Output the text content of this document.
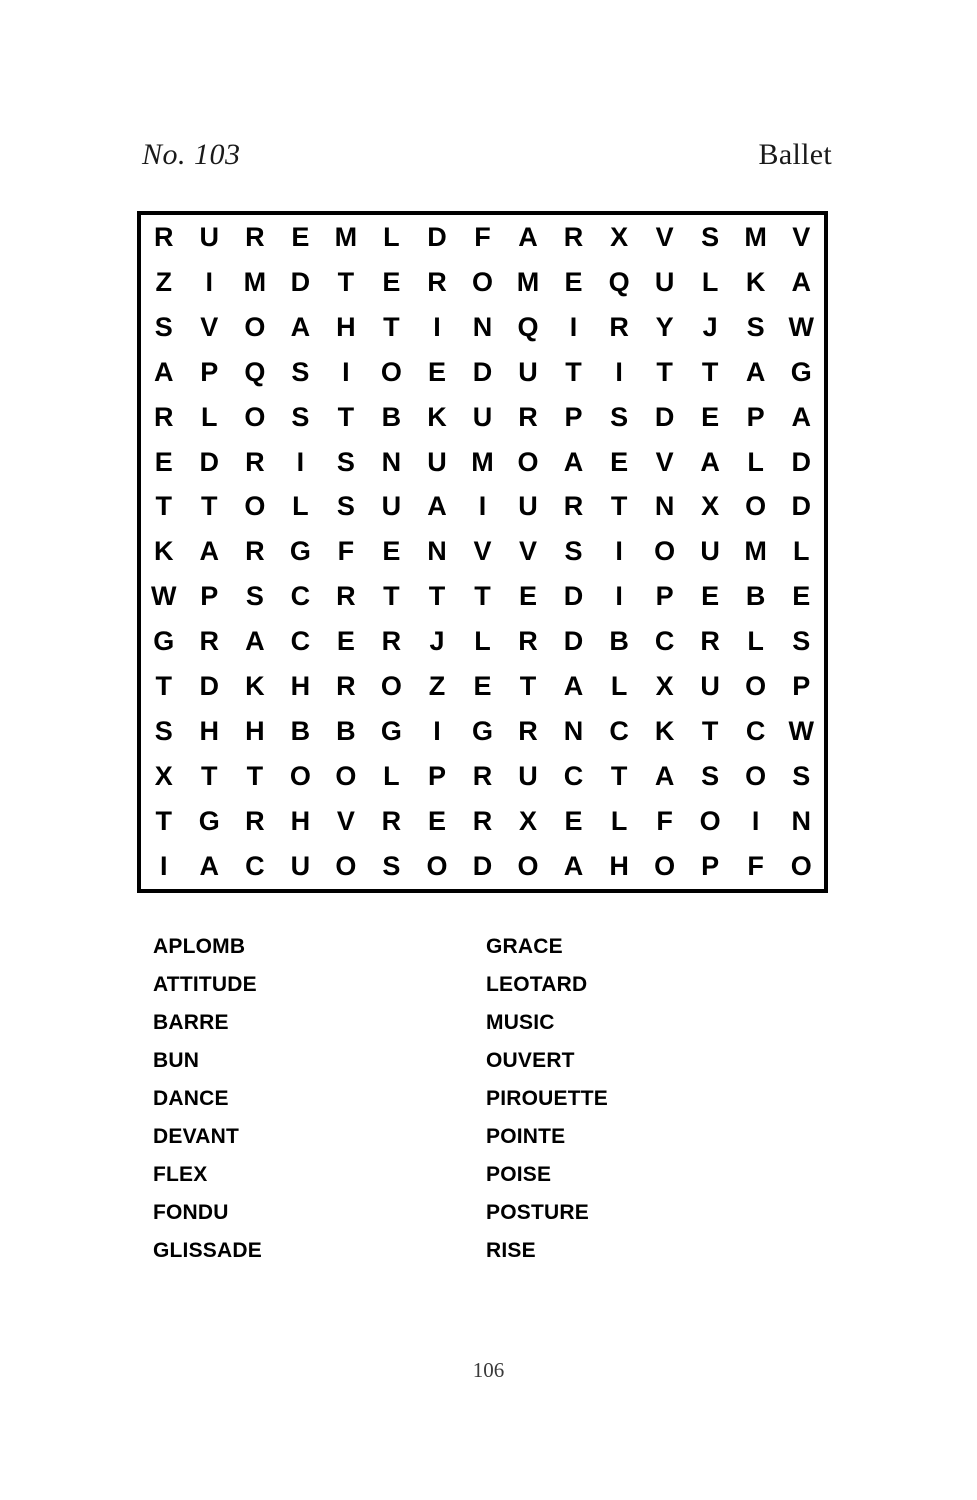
No. 103	Ballet
R	U	R	E	M	L	D	F	A	R	X	V	S	M	V
Z	I	M	D	T	E	R	O	M	E	Q	U	L	K	A
S	V	O	A	H	T	I	N	Q	I	R	Y	J	S	W
A	P	Q	S	I	O	E	D	U	T	I	T	T	A	G
R	L	O	S	T	B	K	U	R	P	S	D	E	P	A
E	D	R	I	S	N	U	M	O	A	E	V	A	L	D
T	T	O	L	S	U	A	I	U	R	T	N	X	O	D
K	A	R	G	F	E	N	V	V	S	I	O	U	M	L
W	P	S	C	R	T	T	T	E	D	I	P	E	B	E
G	R	A	C	E	R	J	L	R	D	B	C	R	L	S
T	D	K	H	R	O	Z	E	T	A	L	X	U	O	P
S	H	H	B	B	G	I	G	R	N	C	K	T	C	W
X	T	T	O	O	L	P	R	U	C	T	A	S	O	S
T	G	R	H	V	R	E	R	X	E	L	F	O	I	N
I	A	C	U	O	S	O	D	O	A	H	O	P	F	O
APLOMB
ATTITUDE
BARRE
BUN
DANCE
DEVANT
FLEX
FONDU
GLISSADE
GRACE
LEOTARD
MUSIC
OUVERT
PIROUETTE
POINTE
POISE
POSTURE
RISE
106
